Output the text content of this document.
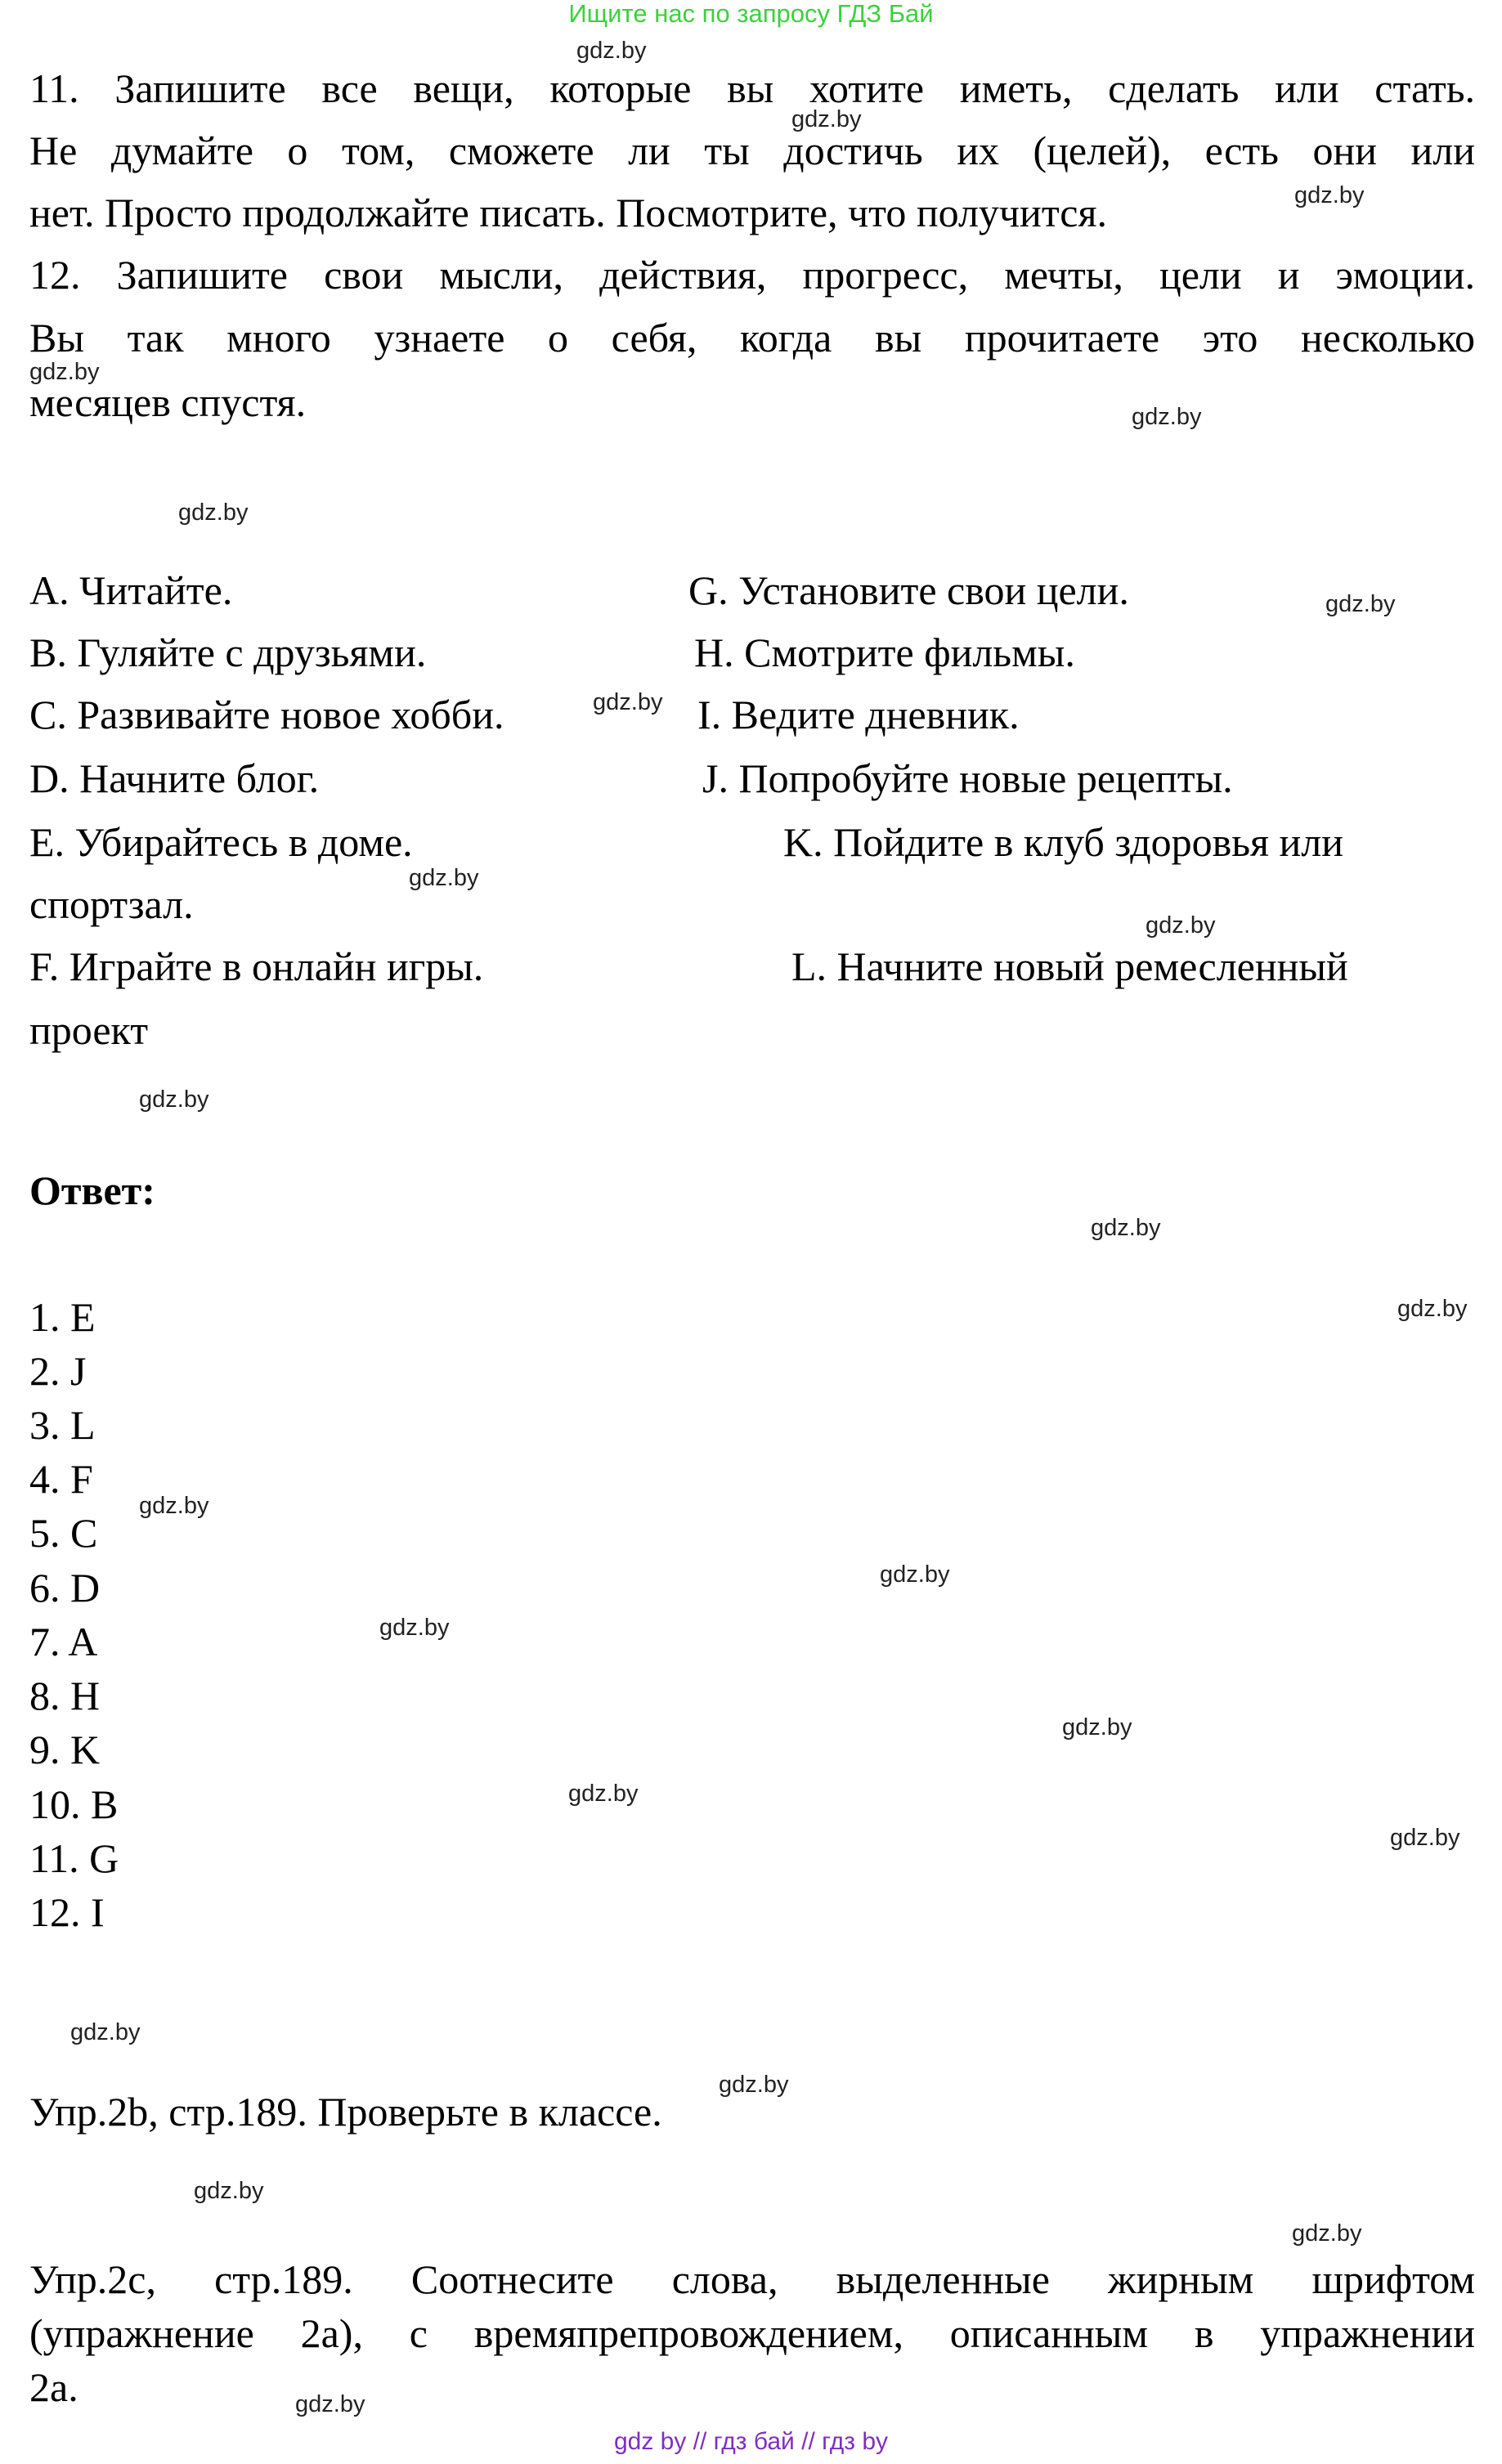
Ищите нас по запросу ГДЗ Бай
11. Запишите все вещи, которые вы хотите иметь, сделать или стать.
Не думайте о том, сможете ли ты достичь их (целей), есть они или
нет. Просто продолжайте писать. Посмотрите, что получится.
12. Запишите свои мысли, действия, прогресс, мечты, цели и эмоции.
Вы так много узнаете о себя, когда вы прочитаете это несколько
месяцев спустя.
A. Читайте.
B. Гуляйте с друзьями.
C. Развивайте новое хобби.
D. Начните блог.
E. Убирайтесь в доме.
спортзал.
F. Играйте в онлайн игры.
проект
G. Установите свои цели.
H. Смотрите фильмы.
I. Ведите дневник.
J. Попробуйте новые рецепты.
K. Пойдите в клуб здоровья или
L. Начните новый ремесленный
Ответ:
1. E
2. J
3. L
4. F
5. C
6. D
7. A
8. H
9. K
10. B
11. G
12. I
Упр.2b, стр.189. Проверьте в классе.
Упр.2c, стр.189. Соотнесите слова, выделенные жирным шрифтом
(упражнение 2a), с времяпрепровождением, описанным в упражнении
2a.
gdz.by
gdz.by
gdz.by
gdz.by
gdz.by
gdz.by
gdz.by
gdz.by
gdz.by
gdz.by
gdz.by
gdz.by
gdz.by
gdz.by
gdz.by
gdz.by
gdz.by
gdz.by
gdz.by
gdz.by
gdz.by
gdz.by
gdz.by
gdz.by
gdz by // гдз бай // гдз by
